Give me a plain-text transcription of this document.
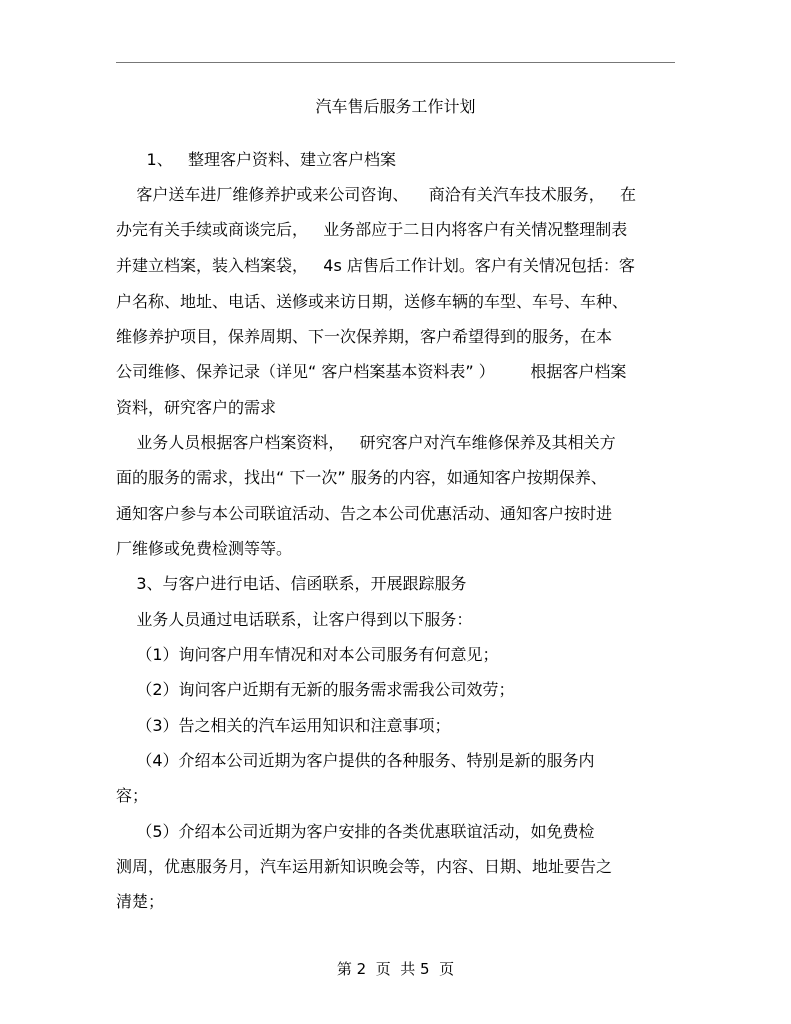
汽车售后服务工作计划

1、   整理客户资料、建立客户档案

客户送车进厂维修养护或来公司咨询、    商洽有关汽车技术服务，   在

办完有关手续或商谈完后，   业务部应于二日内将客户有关情况整理制表

并建立档案，装入档案袋，   4s 店售后工作计划。客户有关情况包括：客

户名称、地址、电话、送修或来访日期，送修车辆的车型、车号、车种、

维修养护项目，保养周期、下一次保养期，客户希望得到的服务，在本

公司维修、保养记录（详见“ 客户档案基本资料表” ）       根据客户档案

资料，研究客户的需求

业务人员根据客户档案资料，   研究客户对汽车维修保养及其相关方

面的服务的需求，找出“ 下一次” 服务的内容，如通知客户按期保养、

通知客户参与本公司联谊活动、告之本公司优惠活动、通知客户按时进

厂维修或免费检测等等。

3、与客户进行电话、信函联系，开展跟踪服务

业务人员通过电话联系，让客户得到以下服务：

（1）询问客户用车情况和对本公司服务有何意见；

（2）询问客户近期有无新的服务需求需我公司效劳；

（3）告之相关的汽车运用知识和注意事项；

（4）介绍本公司近期为客户提供的各种服务、特别是新的服务内

容；

（5）介绍本公司近期为客户安排的各类优惠联谊活动，如免费检

测周，优惠服务月，汽车运用新知识晚会等，内容、日期、地址要告之

清楚；

第 2  页  共 5  页
